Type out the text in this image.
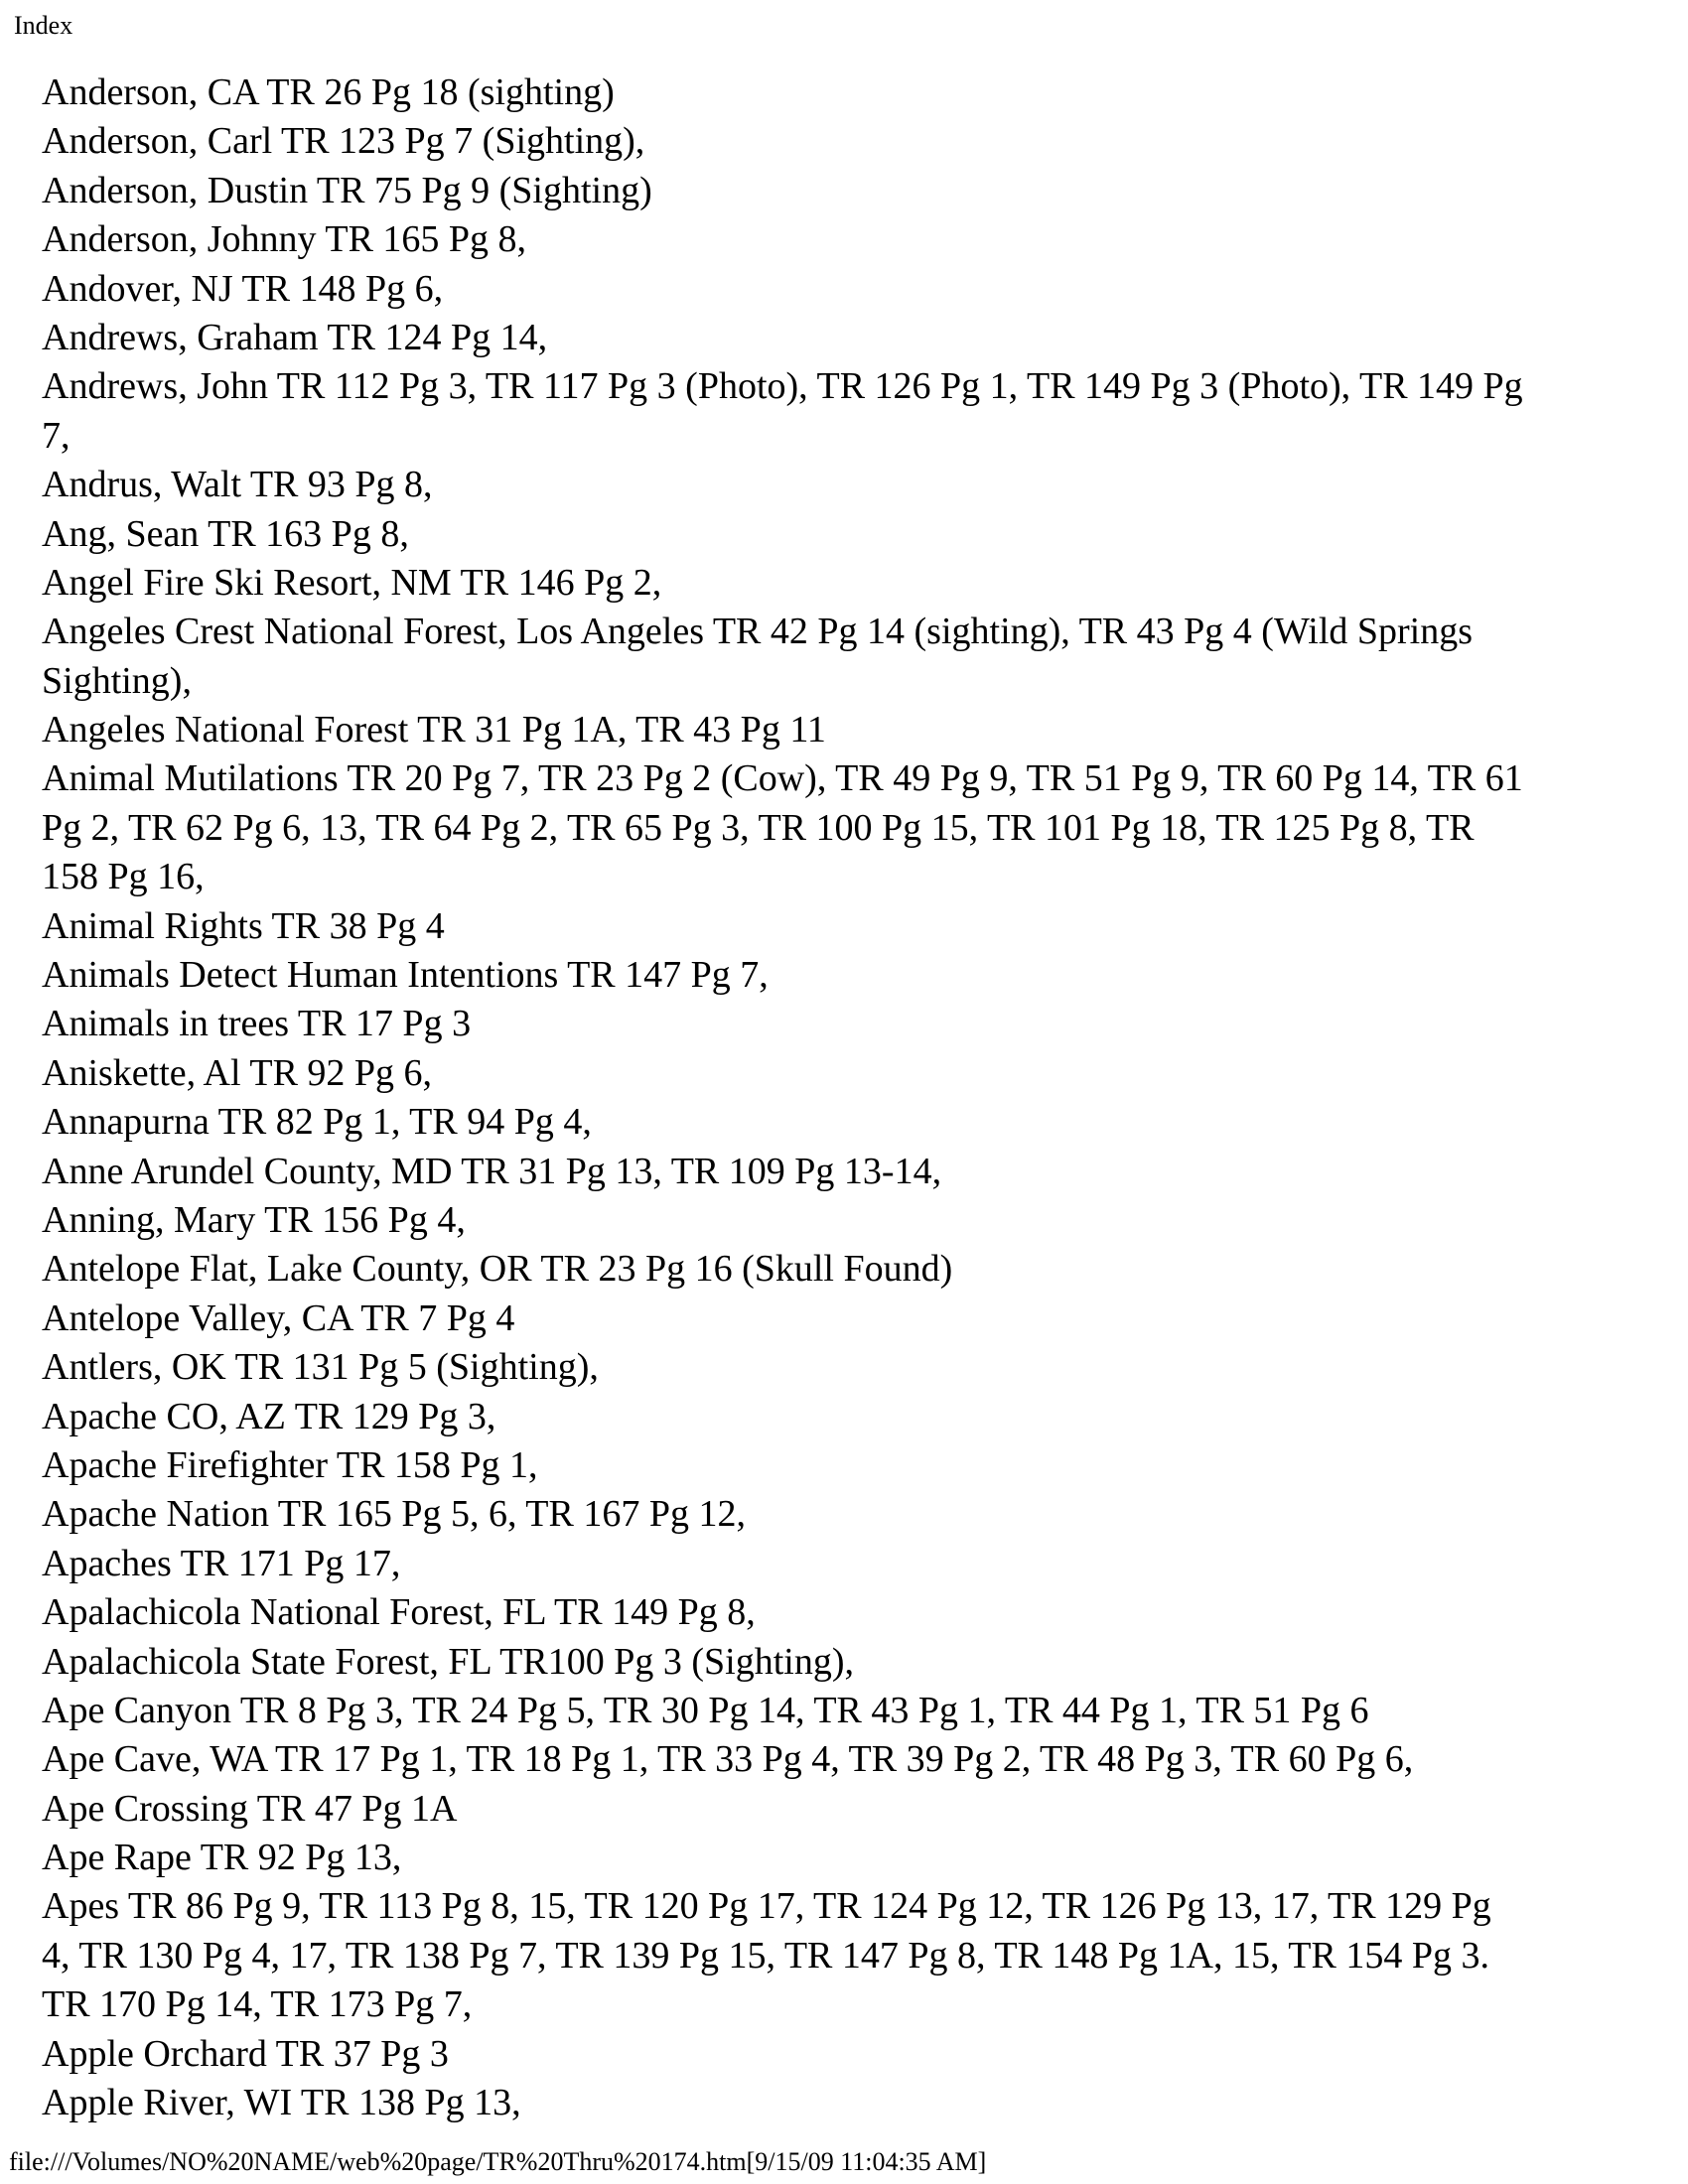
Index
Anderson, CA TR 26 Pg 18 (sighting)
Anderson, Carl TR 123 Pg 7 (Sighting),
Anderson, Dustin TR 75 Pg 9 (Sighting)
Anderson, Johnny TR 165 Pg 8,
Andover, NJ TR 148 Pg 6,
Andrews, Graham TR 124 Pg 14,
Andrews, John TR 112 Pg 3, TR 117 Pg 3 (Photo), TR 126 Pg 1, TR 149 Pg 3 (Photo), TR 149 Pg
7,
Andrus, Walt TR 93 Pg 8,
Ang, Sean TR 163 Pg 8,
Angel Fire Ski Resort, NM TR 146 Pg 2,
Angeles Crest National Forest, Los Angeles TR 42 Pg 14 (sighting), TR 43 Pg 4 (Wild Springs
Sighting),
Angeles National Forest TR 31 Pg 1A, TR 43 Pg 11
Animal Mutilations TR 20 Pg 7, TR 23 Pg 2 (Cow), TR 49 Pg 9, TR 51 Pg 9, TR 60 Pg 14, TR 61
Pg 2, TR 62 Pg 6, 13, TR 64 Pg 2, TR 65 Pg 3, TR 100 Pg 15, TR 101 Pg 18, TR 125 Pg 8, TR
158 Pg 16,
Animal Rights TR 38 Pg 4
Animals Detect Human Intentions TR 147 Pg 7,
Animals in trees TR 17 Pg 3
Aniskette, Al TR 92 Pg 6,
Annapurna TR 82 Pg 1, TR 94 Pg 4,
Anne Arundel County, MD TR 31 Pg 13, TR 109 Pg 13-14,
Anning, Mary TR 156 Pg 4,
Antelope Flat, Lake County, OR TR 23 Pg 16 (Skull Found)
Antelope Valley, CA TR 7 Pg 4
Antlers, OK TR 131 Pg 5 (Sighting),
Apache CO, AZ TR 129 Pg 3,
Apache Firefighter TR 158 Pg 1,
Apache Nation TR 165 Pg 5, 6, TR 167 Pg 12,
Apaches TR 171 Pg 17,
Apalachicola National Forest, FL TR 149 Pg 8,
Apalachicola State Forest, FL TR100 Pg 3 (Sighting),
Ape Canyon TR 8 Pg 3, TR 24 Pg 5, TR 30 Pg 14, TR 43 Pg 1, TR 44 Pg 1, TR 51 Pg 6
Ape Cave, WA TR 17 Pg 1, TR 18 Pg 1, TR 33 Pg 4, TR 39 Pg 2, TR 48 Pg 3, TR 60 Pg 6,
Ape Crossing TR 47 Pg 1A
Ape Rape TR 92 Pg 13,
Apes TR 86 Pg 9, TR 113 Pg 8, 15, TR 120 Pg 17, TR 124 Pg 12, TR 126 Pg 13, 17, TR 129 Pg
4, TR 130 Pg 4, 17, TR 138 Pg 7, TR 139 Pg 15, TR 147 Pg 8, TR 148 Pg 1A, 15, TR 154 Pg 3.
TR 170 Pg 14, TR 173 Pg 7,
Apple Orchard TR 37 Pg 3
Apple River, WI TR 138 Pg 13,
file:///Volumes/NO%20NAME/web%20page/TR%20Thru%20174.htm[9/15/09 11:04:35 AM]
